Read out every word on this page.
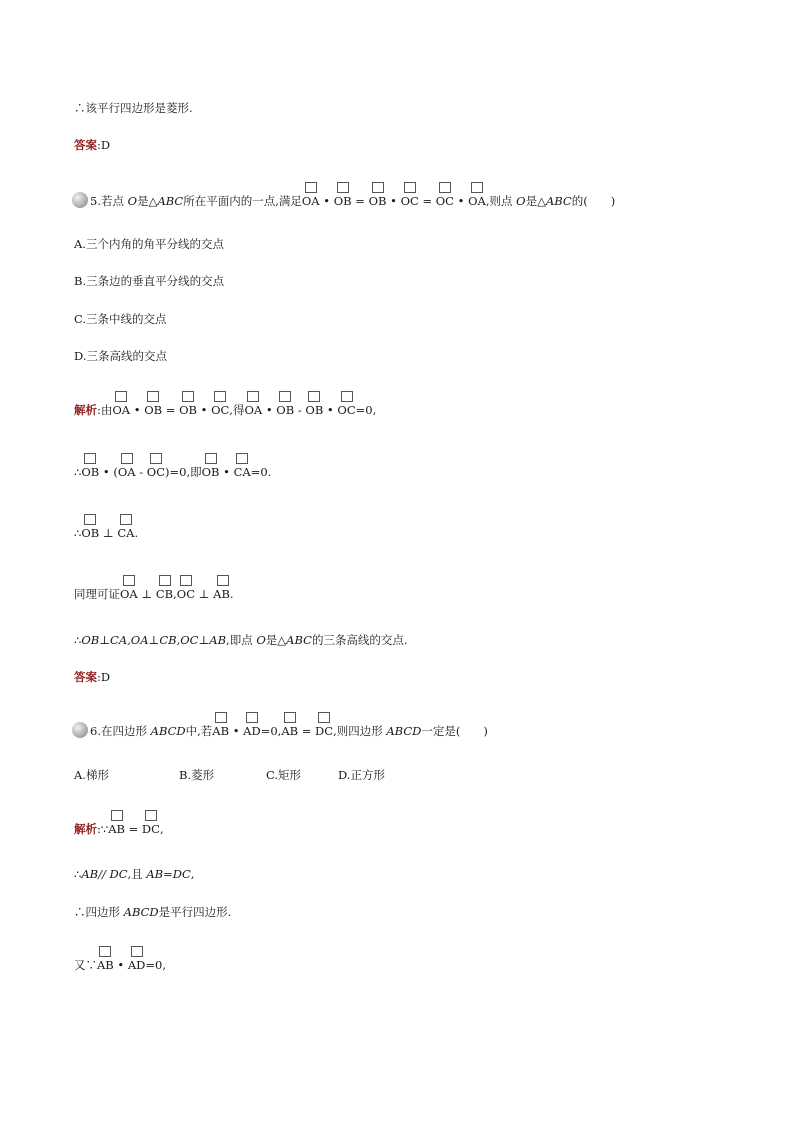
∴该平行四边形是菱形.
答案:D
5.若点 O是△ABC所在平面内的一点,满足OA • OB = OB • OC = OC • OA,则点 O是△ABC的(　　)
A.三个内角的角平分线的交点
B.三条边的垂直平分线的交点
C.三条中线的交点
D.三条高线的交点
解析:由OA • OB = OB • OC,得OA • OB - OB • OC=0,
∴OB • (OA - OC)=0,即OB • CA=0.
∴OB ⊥ CA.
同理可证OA ⊥ CB,OC ⊥ AB.
∴OB⊥CA,OA⊥CB,OC⊥AB,即点 O是△ABC的三条高线的交点.
答案:D
6.在四边形 ABCD中,若AB • AD=0,AB = DC,则四边形 ABCD一定是(　　)
A.梯形	B.菱形	C.矩形	D.正方形
解析:∵AB = DC,
∴AB// DC,且 AB=DC,
∴四边形 ABCD是平行四边形.
又∵AB • AD=0,
